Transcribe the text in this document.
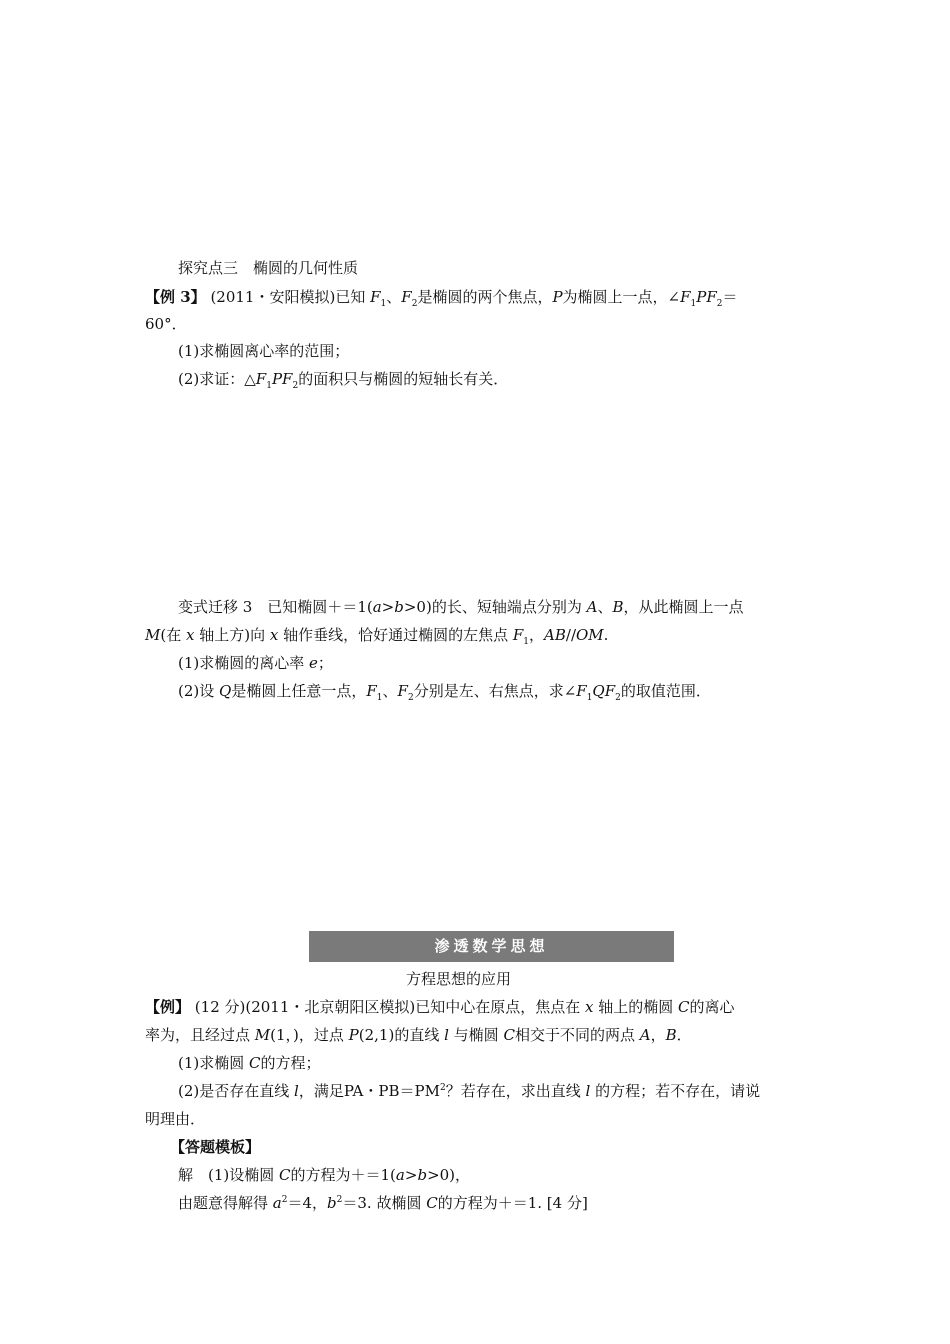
探究点三　椭圆的几何性质
【例 3】 (2011・安阳模拟)已知 $F_1$、$F_2$是椭圆的两个焦点，P为椭圆上一点，$\angle F_1PF_2=$
60°．
(1)求椭圆离心率的范围；
(2)求证：$\triangle F_1PF_2$的面积只与椭圆的短轴长有关．
变式迁移 3　已知椭圆＋＝1(a>b>0)的长、短轴端点分别为 A、B，从此椭圆上一点
M(在 x 轴上方)向 x 轴作垂线，恰好通过椭圆的左焦点 $F_1$，AB//OM.
(1)求椭圆的离心率 e；
(2)设 Q是椭圆上任意一点，$F_1$、$F_2$分别是左、右焦点，求$\angle F_1QF_2$的取值范围．
渗透数学思想
方程思想的应用
【例】 (12 分)(2011・北京朝阳区模拟)已知中心在原点，焦点在 x 轴上的椭圆 C的离心
率为，且经过点 M(1，)，过点 P(2,1)的直线 l 与椭圆 C相交于不同的两点 A，B．
(1)求椭圆 C的方程；
(2)是否存在直线 l，满足PA・$PB=PM^2$？若存在，求出直线 l 的方程；若不存在，请说
明理由．
【答题模板】
解　(1)设椭圆 C的方程为＋＝1(a>b>0)，
由题意得解得 $a^2=4$，$b^2=3$. 故椭圆 C的方程为＋＝1. [4 分]
